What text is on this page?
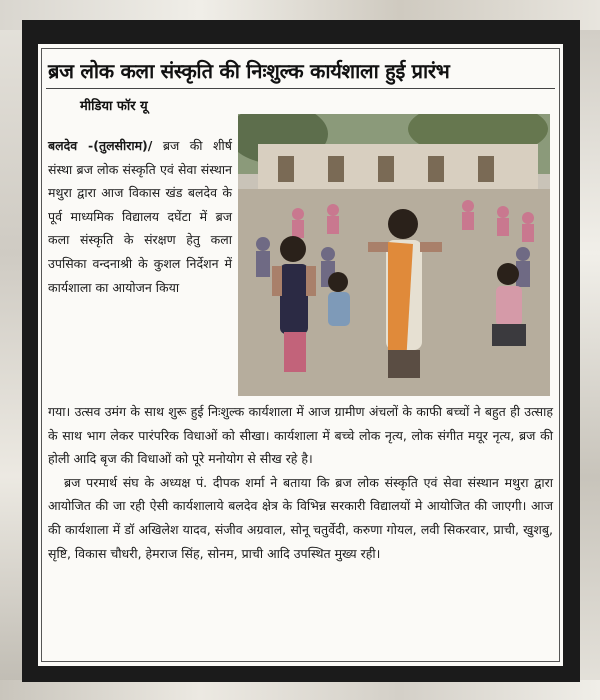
ब्रज लोक कला संस्कृति की निःशुल्क कार्यशाला हुई प्रारंभ
मीडिया फॉर यू
बलदेव -(तुलसीराम)/ ब्रज की शीर्ष संस्था ब्रज लोक संस्कृति एवं सेवा संस्थान मथुरा द्वारा आज विकास खंड बलदेव के पूर्व माध्यमिक विद्यालय दघेंटा में ब्रज कला संस्कृति के संरक्षण हेतु कला उपसिका वन्दनाश्री के कुशल निर्देशन में कार्यशाला का आयोजन किया

गया। उत्सव उमंग के साथ शुरू हुई निःशुल्क कार्यशाला में आज ग्रामीण अंचलों के काफी बच्चों ने बहुत ही उत्साह के साथ भाग लेकर पारंपरिक विधाओं को सीखा। कार्यशाला में बच्चे लोक नृत्य, लोक संगीत मयूर नृत्य, ब्रज की होली आदि बृज की विधाओं को पूरे मनोयोग से सीख रहे है।

ब्रज परमार्थ संघ के अध्यक्ष पं. दीपक शर्मा ने बताया कि ब्रज लोक संस्कृति एवं सेवा संस्थान मथुरा द्वारा आयोजित की जा रही ऐसी कार्यशालाये बलदेव क्षेत्र के विभिन्न सरकारी विद्यालयों मे आयोजित की जाएगी। आज की कार्यशाला में डॉ अखिलेश यादव, संजीव अग्रवाल, सोनू चतुर्वेदी, करुणा गोयल, लवी सिकरवार, प्राची, खुशबु, सृष्टि, विकास चौधरी, हेमराज सिंह, सोनम, प्राची आदि उपस्थित मुख्य रही।
